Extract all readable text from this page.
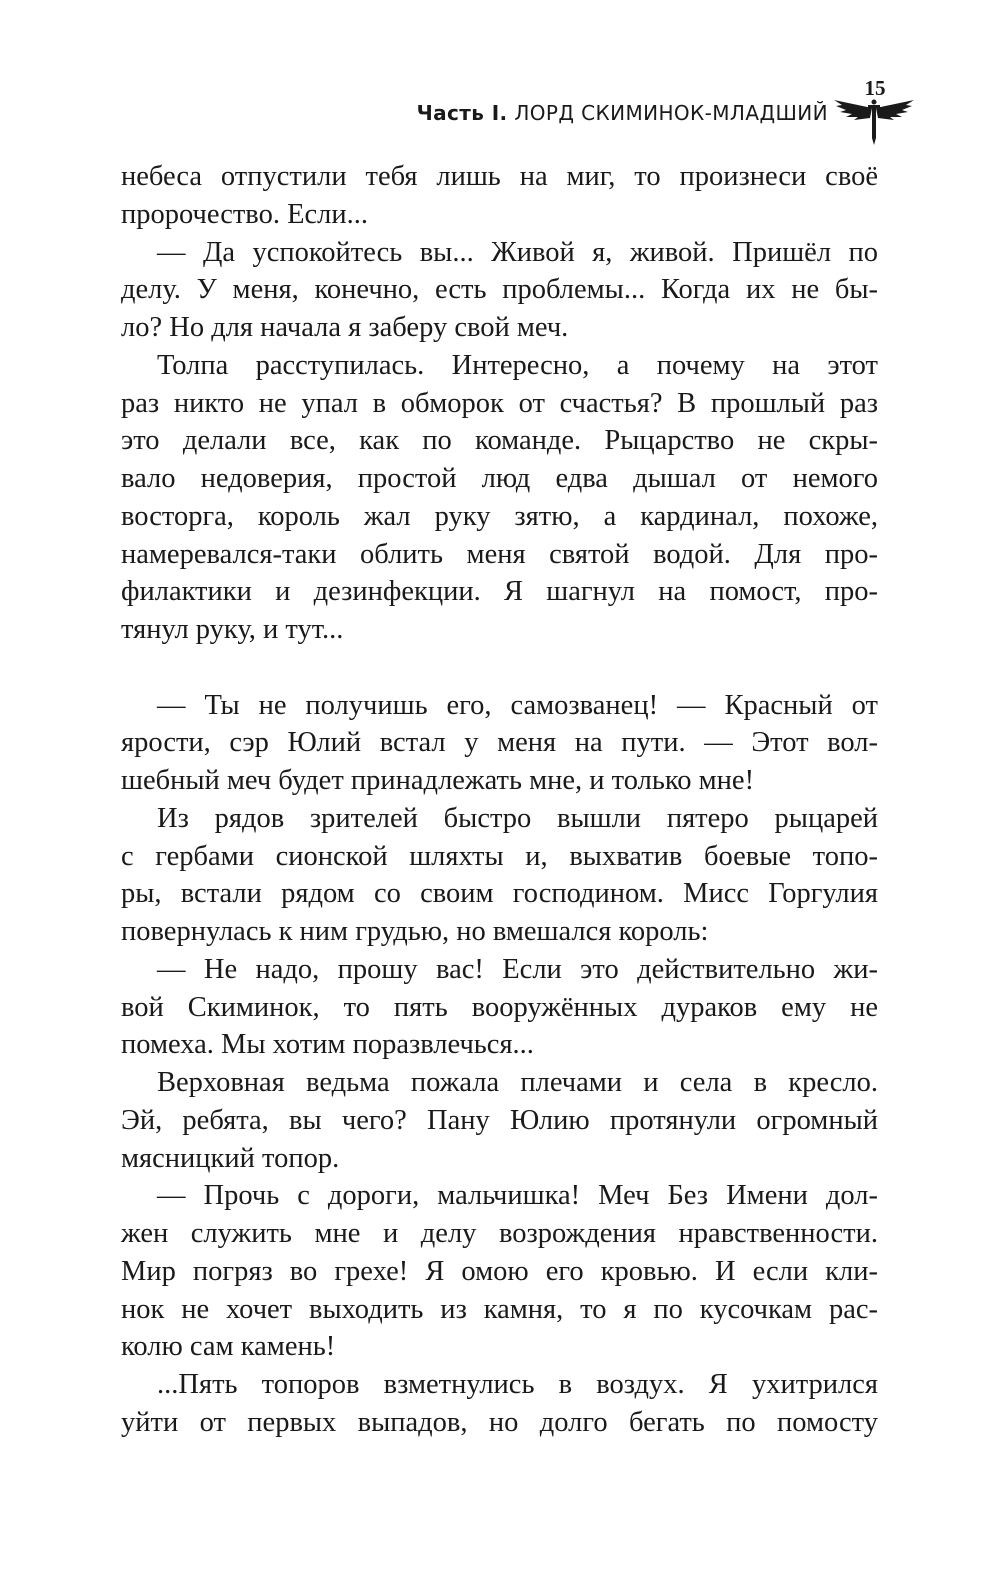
15
Часть I. ЛОРД СКИМИНОК-МЛАДШИЙ
небеса отпустили тебя лишь на миг, то произнеси своё
пророчество. Если...
— Да успокойтесь вы... Живой я, живой. Пришёл по
делу. У меня, конечно, есть проблемы... Когда их не бы-
ло? Но для начала я заберу свой меч.
Толпа расступилась. Интересно, а почему на этот
раз никто не упал в обморок от счастья? В прошлый раз
это делали все, как по команде. Рыцарство не скры-
вало недоверия, простой люд едва дышал от немого
восторга, король жал руку зятю, а кардинал, похоже,
намеревался-таки облить меня святой водой. Для про-
филактики и дезинфекции. Я шагнул на помост, про-
тянул руку, и тут...
— Ты не получишь его, самозванец! — Красный от
ярости, сэр Юлий встал у меня на пути. — Этот вол-
шебный меч будет принадлежать мне, и только мне!
Из рядов зрителей быстро вышли пятеро рыцарей
с гербами сионской шляхты и, выхватив боевые топо-
ры, встали рядом со своим господином. Мисс Горгулия
повернулась к ним грудью, но вмешался король:
— Не надо, прошу вас! Если это действительно жи-
вой Скиминок, то пять вооружённых дураков ему не
помеха. Мы хотим поразвлечься...
Верховная ведьма пожала плечами и села в кресло.
Эй, ребята, вы чего? Пану Юлию протянули огромный
мясницкий топор.
— Прочь с дороги, мальчишка! Меч Без Имени дол-
жен служить мне и делу возрождения нравственности.
Мир погряз во грехе! Я омою его кровью. И если кли-
нок не хочет выходить из камня, то я по кусочкам рас-
колю сам камень!
...Пять топоров взметнулись в воздух. Я ухитрился
уйти от первых выпадов, но долго бегать по помосту
